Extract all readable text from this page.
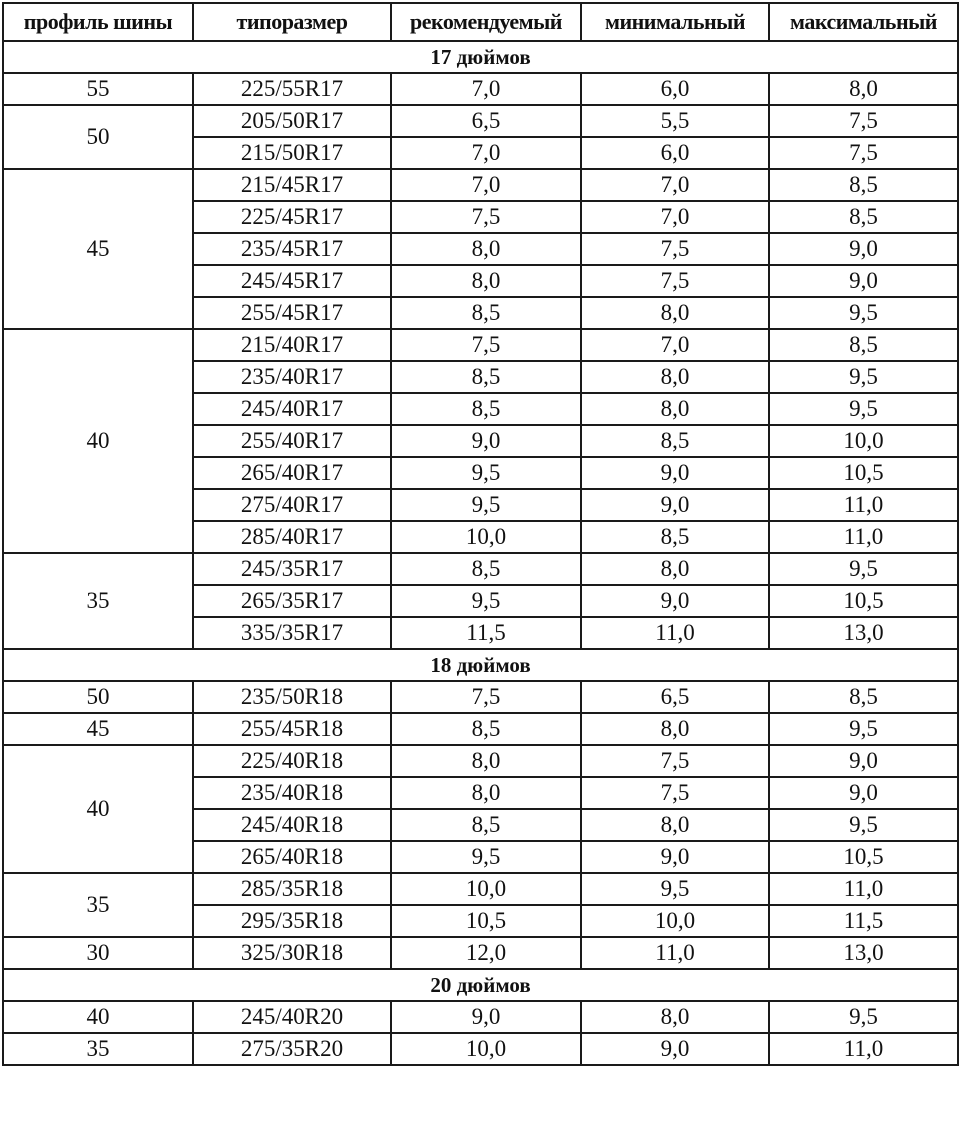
профиль шины	типоразмер	рекомендуемый	минимальный	максимальный
17 дюймов				
55	225/55R17	7,0	6,0	8,0
50	205/50R17	6,5	5,5	7,5
	215/50R17	7,0	6,0	7,5
45	215/45R17	7,0	7,0	8,5
	225/45R17	7,5	7,0	8,5
	235/45R17	8,0	7,5	9,0
	245/45R17	8,0	7,5	9,0
	255/45R17	8,5	8,0	9,5
40	215/40R17	7,5	7,0	8,5
	235/40R17	8,5	8,0	9,5
	245/40R17	8,5	8,0	9,5
	255/40R17	9,0	8,5	10,0
	265/40R17	9,5	9,0	10,5
	275/40R17	9,5	9,0	11,0
	285/40R17	10,0	8,5	11,0
35	245/35R17	8,5	8,0	9,5
	265/35R17	9,5	9,0	10,5
	335/35R17	11,5	11,0	13,0
18 дюймов				
50	235/50R18	7,5	6,5	8,5
45	255/45R18	8,5	8,0	9,5
40	225/40R18	8,0	7,5	9,0
	235/40R18	8,0	7,5	9,0
	245/40R18	8,5	8,0	9,5
	265/40R18	9,5	9,0	10,5
35	285/35R18	10,0	9,5	11,0
	295/35R18	10,5	10,0	11,5
30	325/30R18	12,0	11,0	13,0
20 дюймов				
40	245/40R20	9,0	8,0	9,5
35	275/35R20	10,0	9,0	11,0
